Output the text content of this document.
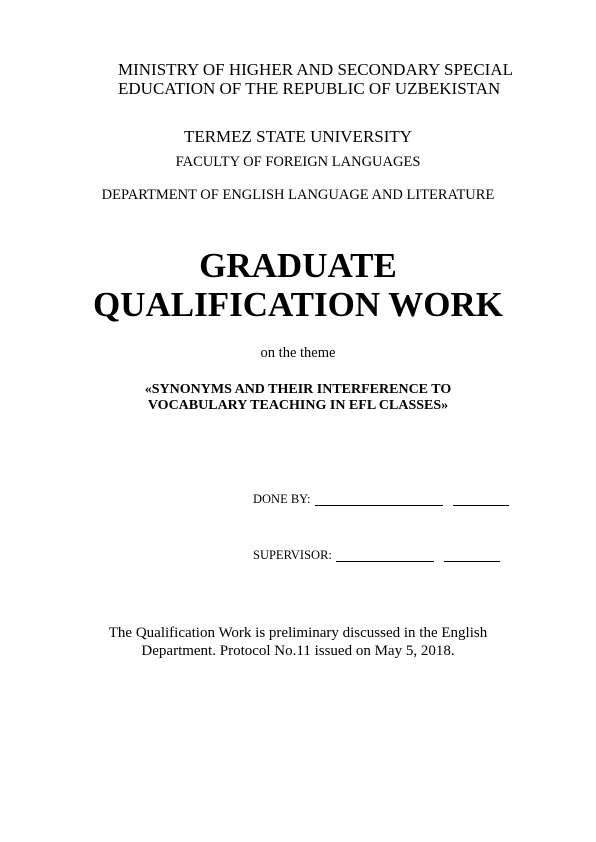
MINISTRY OF HIGHER AND SECONDARY SPECIAL
EDUCATION OF THE REPUBLIC OF UZBEKISTAN
TERMEZ STATE UNIVERSITY
FACULTY OF FOREIGN LANGUAGES
DEPARTMENT OF ENGLISH LANGUAGE AND LITERATURE
GRADUATE
QUALIFICATION WORK
on the theme
«SYNONYMS AND THEIR INTERFERENCE TO
VOCABULARY TEACHING IN EFL CLASSES»
DONE BY:
SUPERVISOR:
The Qualification Work is preliminary discussed in the English
Department. Protocol No.11 issued on May 5, 2018.
